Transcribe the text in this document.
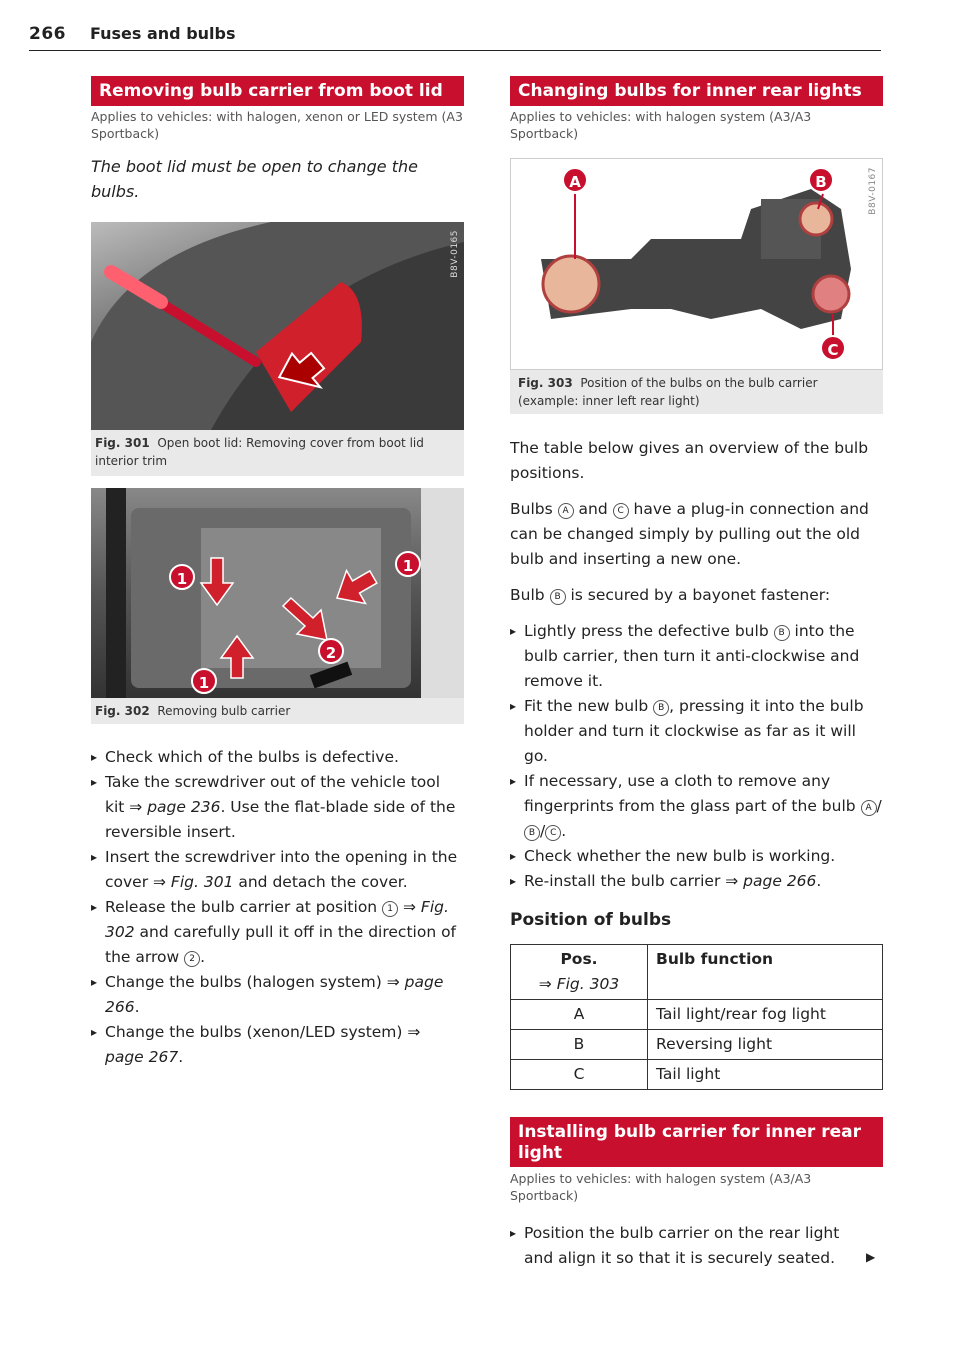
266 Fuses and bulbs
Removing bulb carrier from boot lid
Applies to vehicles: with halogen, xenon or LED system (A3 Sportback)
The boot lid must be open to change the bulbs.
B8V-0165
Fig. 301 Open boot lid: Removing cover from boot lid interior trim
1
1
2
1
B8V-0199
Fig. 302 Removing bulb carrier
▸ Check which of the bulbs is defective.
▸ Take the screwdriver out of the vehicle tool kit ⇒ page 236. Use the flat-blade side of the reversible insert.
▸ Insert the screwdriver into the opening in the cover ⇒ Fig. 301 and detach the cover.
▸ Release the bulb carrier at position 1 ⇒ Fig. 302 and carefully pull it off in the direction of the arrow 2 .
▸ Change the bulbs (halogen system) ⇒ page 266.
▸ Change the bulbs (xenon/LED system) ⇒ page 267.
Changing bulbs for inner rear lights
Applies to vehicles: with halogen system (A3/A3 Sportback)
A	B
C
B8V-0167
Fig. 303 Position of the bulbs on the bulb carrier (example: inner left rear light)
The table below gives an overview of the bulb positions.
Bulbs A and C have a plug-in connection and can be changed simply by pulling out the old bulb and inserting a new one.
Bulb B is secured by a bayonet fastener:
▸ Lightly press the defective bulb B into the bulb carrier, then turn it anti-clockwise and remove it.
▸ Fit the new bulb B , pressing it into the bulb holder and turn it clockwise as far as it will go.
▸ If necessary, use a cloth to remove any fingerprints from the glass part of the bulb A /B / C .
▸ Check whether the new bulb is working.
▸ Re-install the bulb carrier ⇒ page 266.
Position of bulbs
Pos.
⇒ Fig. 303	Bulb function
A	Tail light/rear fog light
B	Reversing light
C	Tail light
Installing bulb carrier for inner rear light
Applies to vehicles: with halogen system (A3/A3 Sportback)
▸ Position the bulb carrier on the rear light and align it so that it is securely seated.	▶
